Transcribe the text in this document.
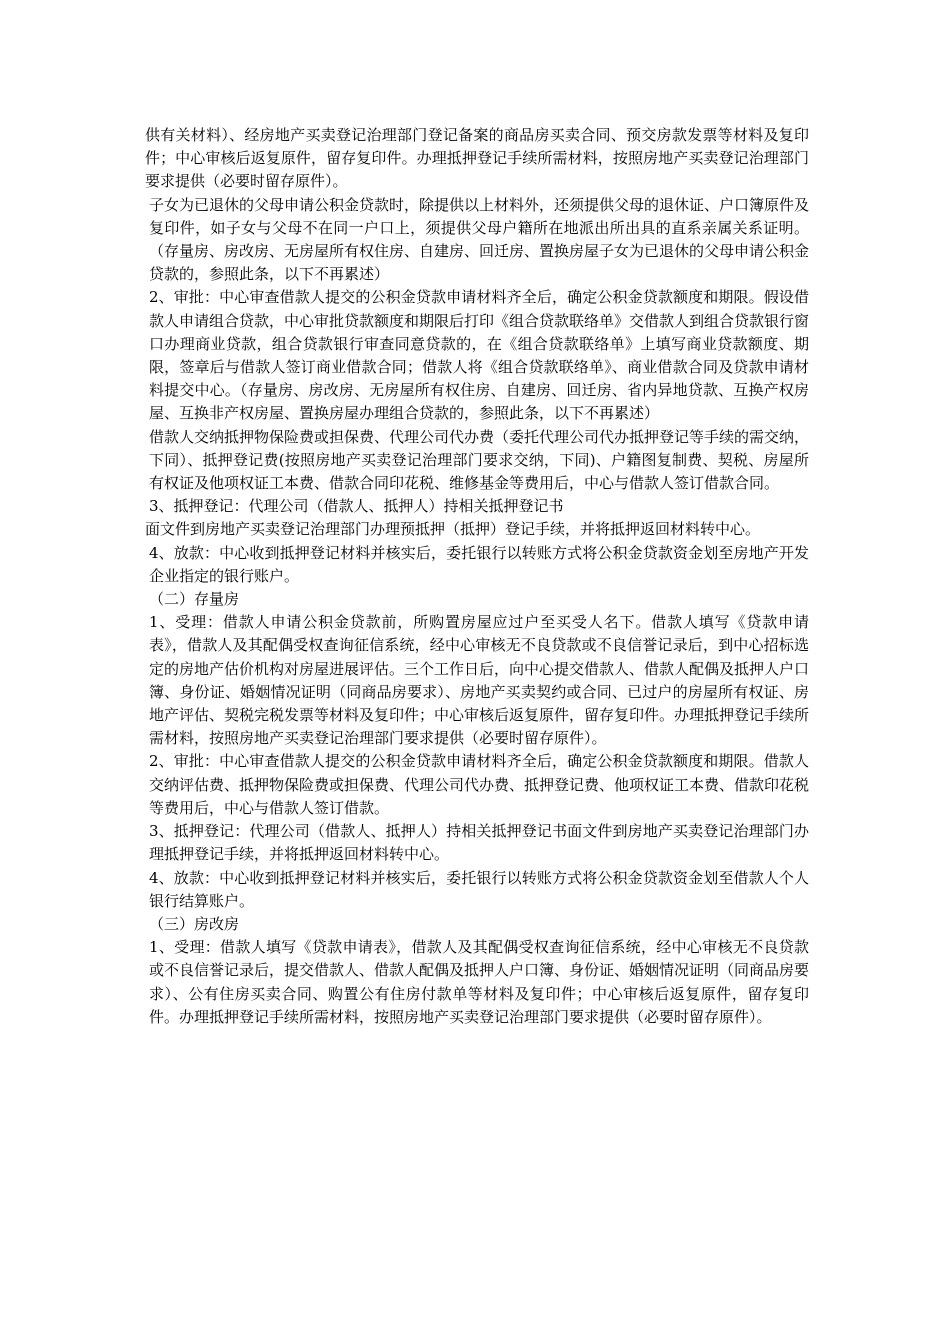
供有关材料）、经房地产买卖登记治理部门登记备案的商品房买卖合同、预交房款发票等材料及复印件；中心审核后返复原件，留存复印件。办理抵押登记手续所需材料，按照房地产买卖登记治理部门要求提供（必要时留存原件）。

子女为已退休的父母申请公积金贷款时，除提供以上材料外，还须提供父母的退休证、户口簿原件及复印件，如子女与父母不在同一户口上，须提供父母户籍所在地派出所出具的直系亲属关系证明。（存量房、房改房、无房屋所有权住房、自建房、回迁房、置换房屋子女为已退休的父母申请公积金贷款的，参照此条，以下不再累述）

2、审批：中心审查借款人提交的公积金贷款申请材料齐全后，确定公积金贷款额度和期限。假设借款人申请组合贷款，中心审批贷款额度和期限后打印《组合贷款联络单》交借款人到组合贷款银行窗口办理商业贷款，组合贷款银行审查同意贷款的，在《组合贷款联络单》上填写商业贷款额度、期限，签章后与借款人签订商业借款合同；借款人将《组合贷款联络单》、商业借款合同及贷款申请材料提交中心。（存量房、房改房、无房屋所有权住房、自建房、回迁房、省内异地贷款、互换产权房屋、互换非产权房屋、置换房屋办理组合贷款的，参照此条，以下不再累述）

借款人交纳抵押物保险费或担保费、代理公司代办费（委托代理公司代办抵押登记等手续的需交纳，下同）、抵押登记费(按照房地产买卖登记治理部门要求交纳，下同)、户籍图复制费、契税、房屋所有权证及他项权证工本费、借款合同印花税、维修基金等费用后，中心与借款人签订借款合同。

3、抵押登记：代理公司（借款人、抵押人）持相关抵押登记书

面文件到房地产买卖登记治理部门办理预抵押（抵押）登记手续，并将抵押返回材料转中心。

4、放款：中心收到抵押登记材料并核实后，委托银行以转账方式将公积金贷款资金划至房地产开发企业指定的银行账户。

（二）存量房

1、受理：借款人申请公积金贷款前，所购置房屋应过户至买受人名下。借款人填写《贷款申请表》，借款人及其配偶受权查询征信系统，经中心审核无不良贷款或不良信誉记录后，到中心招标选定的房地产估价机构对房屋进展评估。三个工作日后，向中心提交借款人、借款人配偶及抵押人户口簿、身份证、婚姻情况证明（同商品房要求）、房地产买卖契约或合同、已过户的房屋所有权证、房地产评估、契税完税发票等材料及复印件；中心审核后返复原件，留存复印件。办理抵押登记手续所需材料，按照房地产买卖登记治理部门要求提供（必要时留存原件）。

2、审批：中心审查借款人提交的公积金贷款申请材料齐全后，确定公积金贷款额度和期限。借款人交纳评估费、抵押物保险费或担保费、代理公司代办费、抵押登记费、他项权证工本费、借款印花税等费用后，中心与借款人签订借款。

3、抵押登记：代理公司（借款人、抵押人）持相关抵押登记书面文件到房地产买卖登记治理部门办理抵押登记手续，并将抵押返回材料转中心。

4、放款：中心收到抵押登记材料并核实后，委托银行以转账方式将公积金贷款资金划至借款人个人银行结算账户。

（三）房改房

1、受理：借款人填写《贷款申请表》，借款人及其配偶受权查询征信系统，经中心审核无不良贷款或不良信誉记录后，提交借款人、借款人配偶及抵押人户口簿、身份证、婚姻情况证明（同商品房要求）、公有住房买卖合同、购置公有住房付款单等材料及复印件；中心审核后返复原件，留存复印件。办理抵押登记手续所需材料，按照房地产买卖登记治理部门要求提供（必要时留存原件）。
